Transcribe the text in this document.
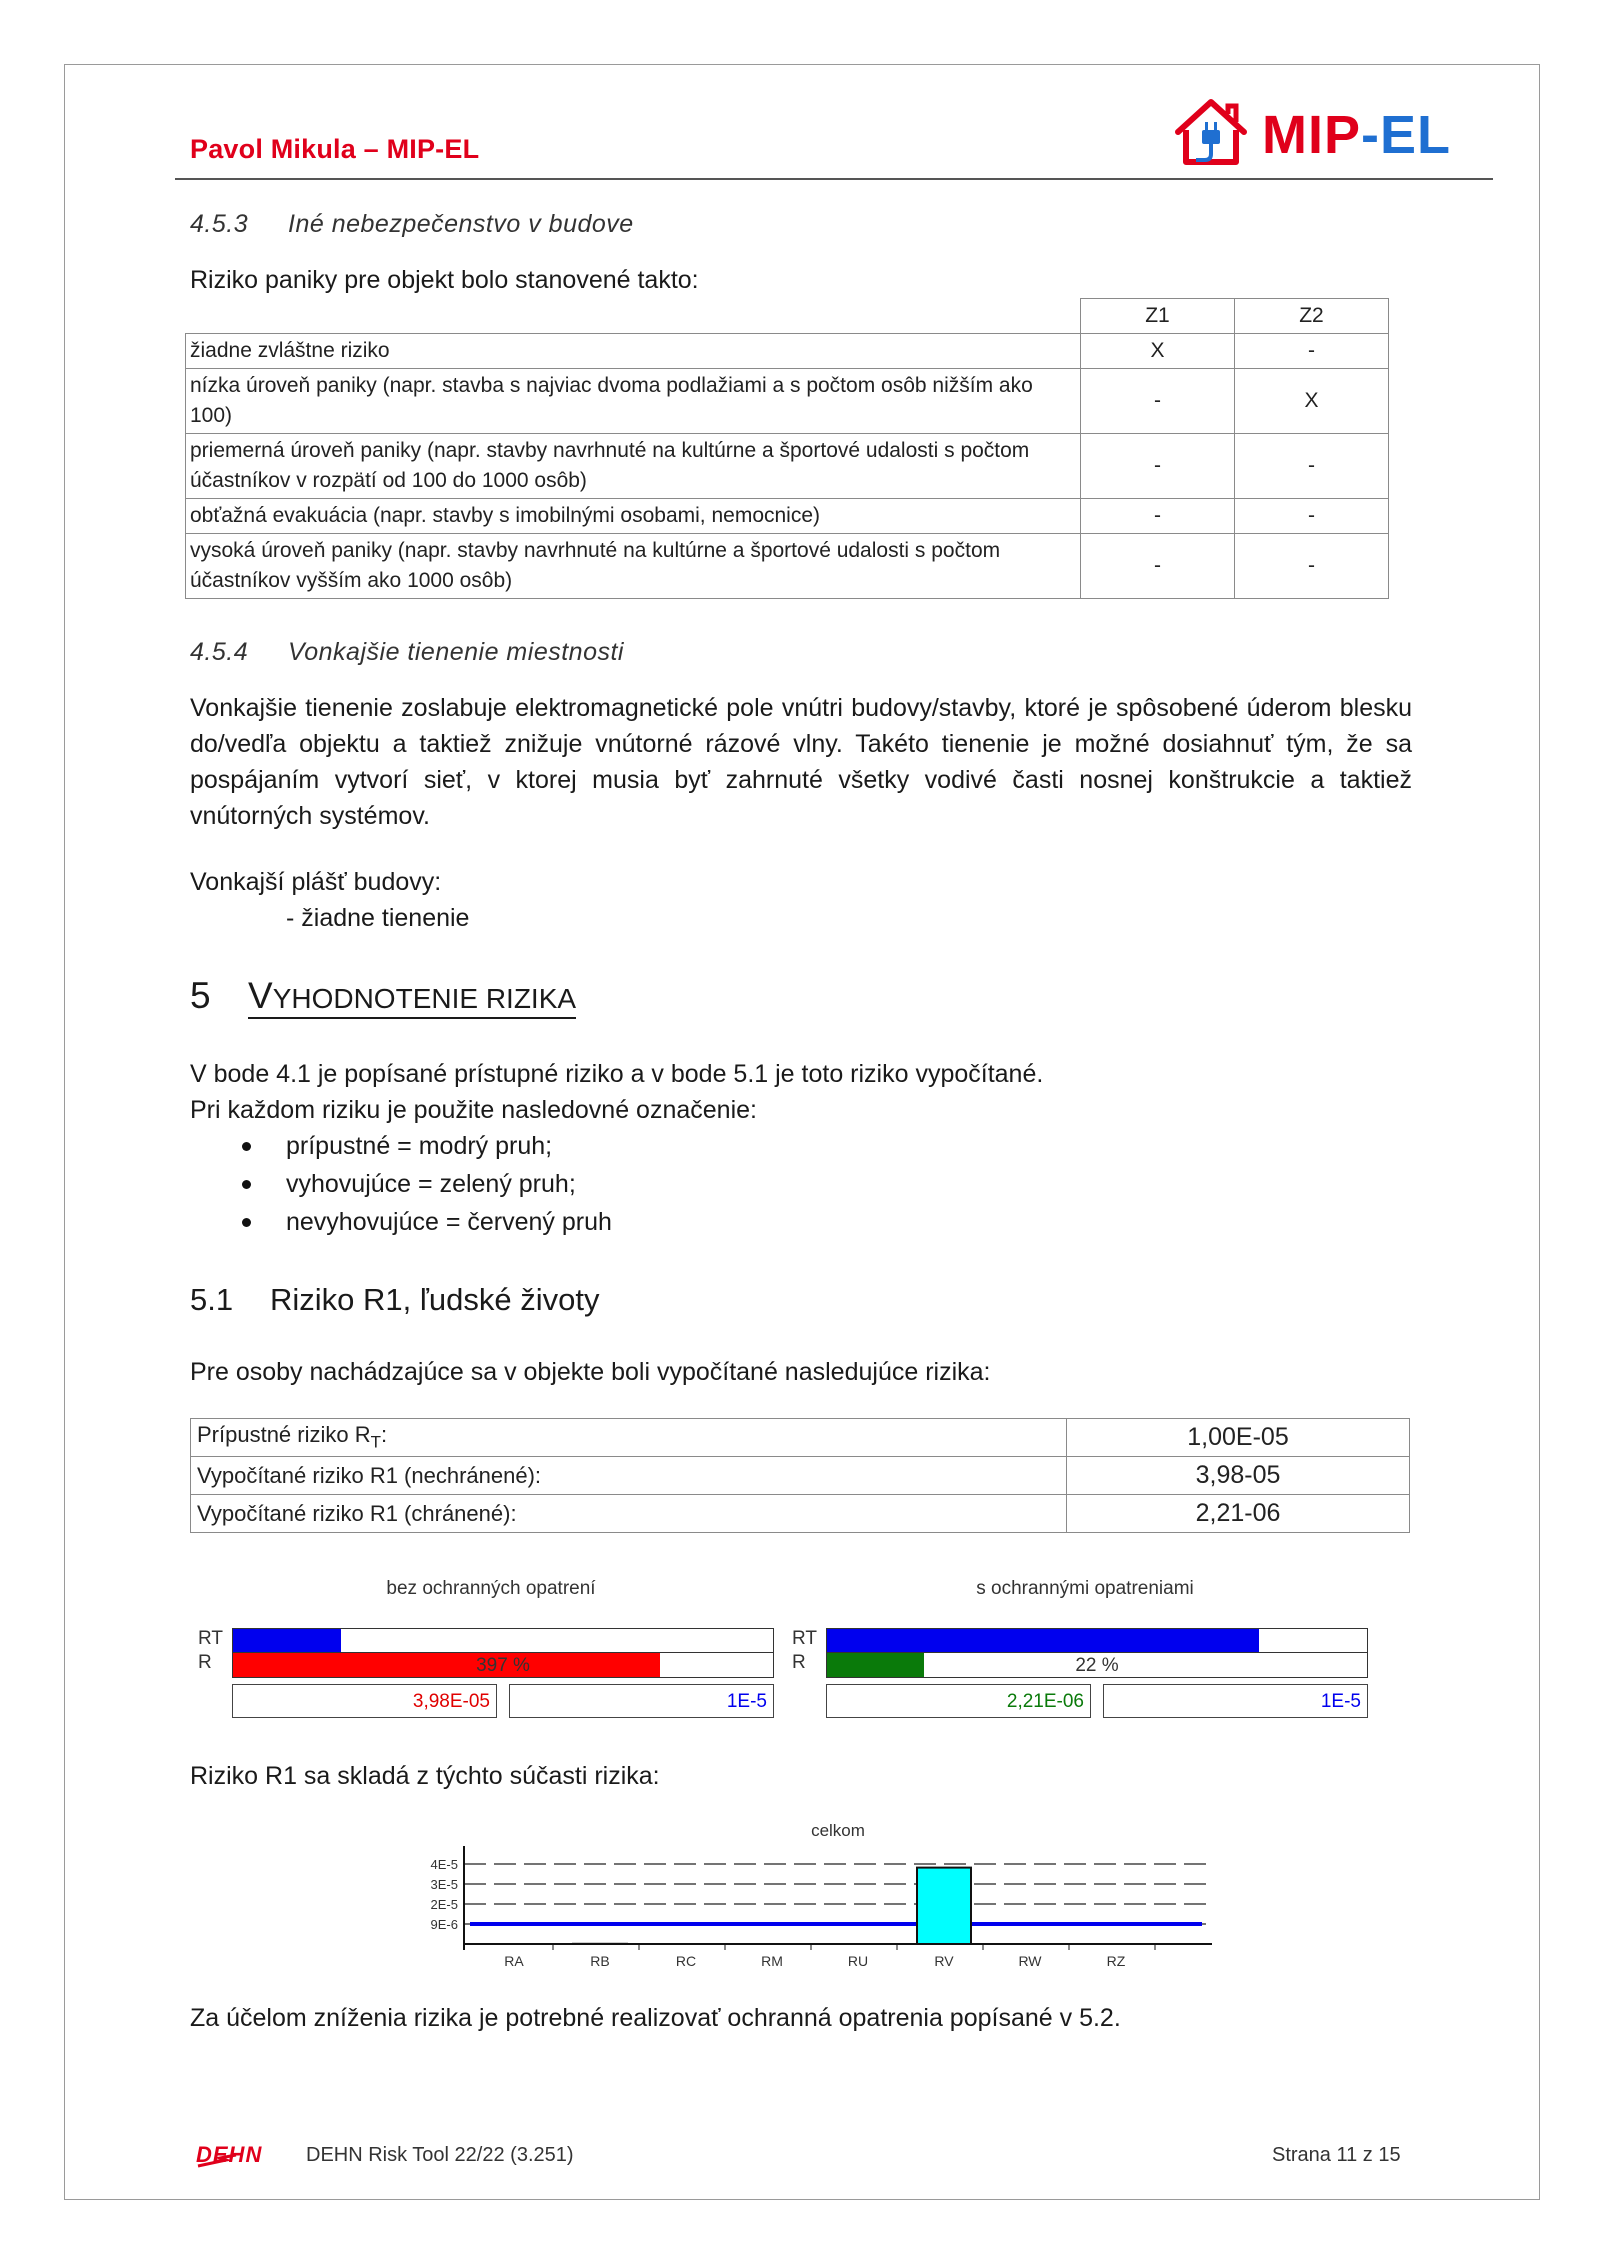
Pavol Mikula – MIP-EL	MIP-EL
4.5.3 Iné nebezpečenstvo v budove
Riziko paniky pre objekt bolo stanovené takto:
	Z1	Z2
žiadne zvláštne riziko	X	-
nízka úroveň paniky (napr. stavba s najviac dvoma podlažiami a s počtom osôb nižším ako 100)	-	X
priemerná úroveň paniky (napr. stavby navrhnuté na kultúrne a športové udalosti s počtom účastníkov v rozpätí od 100 do 1000 osôb)	-	-
obťažná evakuácia (napr. stavby s imobilnými osobami, nemocnice)	-	-
vysoká úroveň paniky (napr. stavby navrhnuté na kultúrne a športové udalosti s počtom účastníkov vyšším ako 1000 osôb)	-	-
4.5.4 Vonkajšie tienenie miestnosti
Vonkajšie tienenie zoslabuje elektromagnetické pole vnútri budovy/stavby, ktoré je spôsobené úderom blesku do/vedľa objektu a taktiež znižuje vnútorné rázové vlny. Takéto tienenie je možné dosiahnuť tým, že sa pospájaním vytvorí sieť, v ktorej musia byť zahrnuté všetky vodivé časti nosnej konštrukcie a taktiež vnútorných systémov.
Vonkajší plášť budovy:
- žiadne tienenie
5 VYHODNOTENIE RIZIKA
V bode 4.1 je popísané prístupné riziko a v bode 5.1 je toto riziko vypočítané.
Pri každom riziku je použite nasledovné označenie:
prípustné = modrý pruh;
vyhovujúce = zelený pruh;
nevyhovujúce = červený pruh
5.1 Riziko R1, ľudské životy
Pre osoby nachádzajúce sa v objekte boli vypočítané nasledujúce rizika:
Prípustné riziko $R_T$:	1,00E-05
Vypočítané riziko R1 (nechránené):	3,98-05
Vypočítané riziko R1 (chránené):	2,21-06
bez ochranných opatrení
RT
R	397 %
3,98E-05	1E-5
s ochrannými opatreniami
RT
R	22 %
2,21E-06	1E-5
Riziko R1 sa skladá z týchto súčasti rizika:
celkom
4E-5
3E-5
2E-5
9E-6
RA	RB	RC	RM	RU	RV	RW	RZ
Za účelom zníženia rizika je potrebné realizovať ochranná opatrenia popísané v 5.2.
DEHN DEHN Risk Tool 22/22 (3.251)	Strana 11 z 15
